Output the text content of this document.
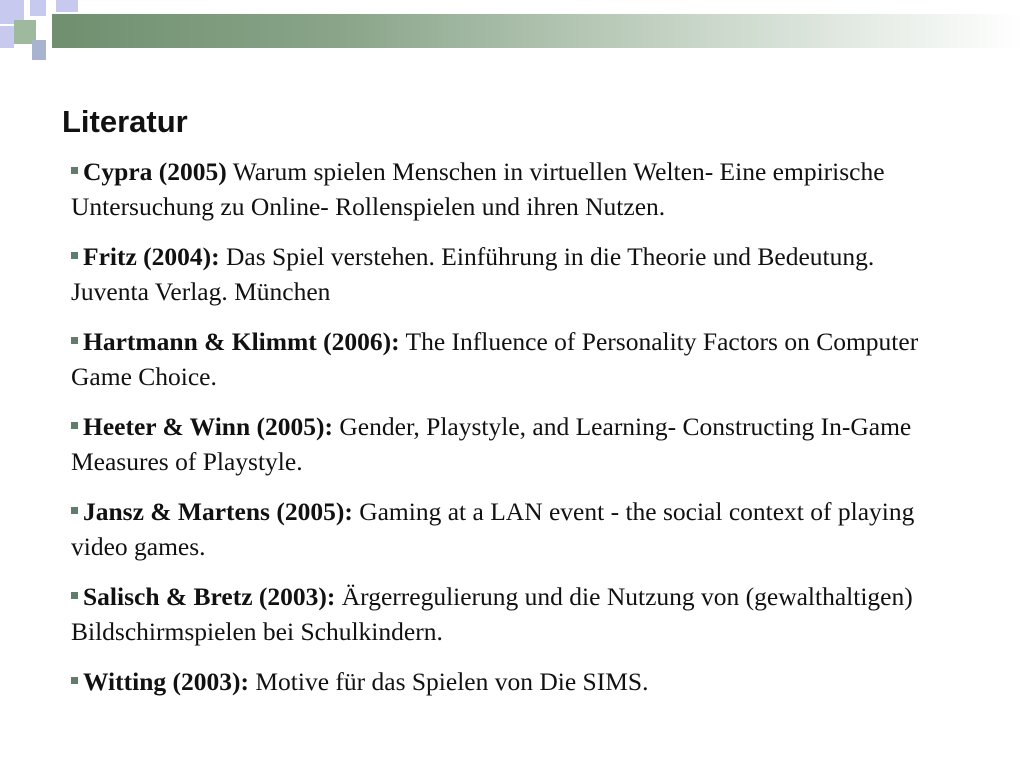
Literatur
Cypra (2005) Warum spielen Menschen in virtuellen Welten- Eine empirische Untersuchung zu Online- Rollenspielen und ihren Nutzen.
Fritz (2004): Das Spiel verstehen. Einführung in die Theorie und Bedeutung. Juventa Verlag. München
Hartmann & Klimmt (2006): The Influence of Personality Factors on Computer Game Choice.
Heeter & Winn (2005): Gender, Playstyle, and Learning- Constructing In-Game Measures of Playstyle.
Jansz & Martens (2005): Gaming at a LAN event - the social context of playing video games.
Salisch & Bretz (2003): Ärgerregulierung und die Nutzung von (gewalthaltigen) Bildschirmspielen bei Schulkindern.
Witting (2003): Motive für das Spielen von Die SIMS.
